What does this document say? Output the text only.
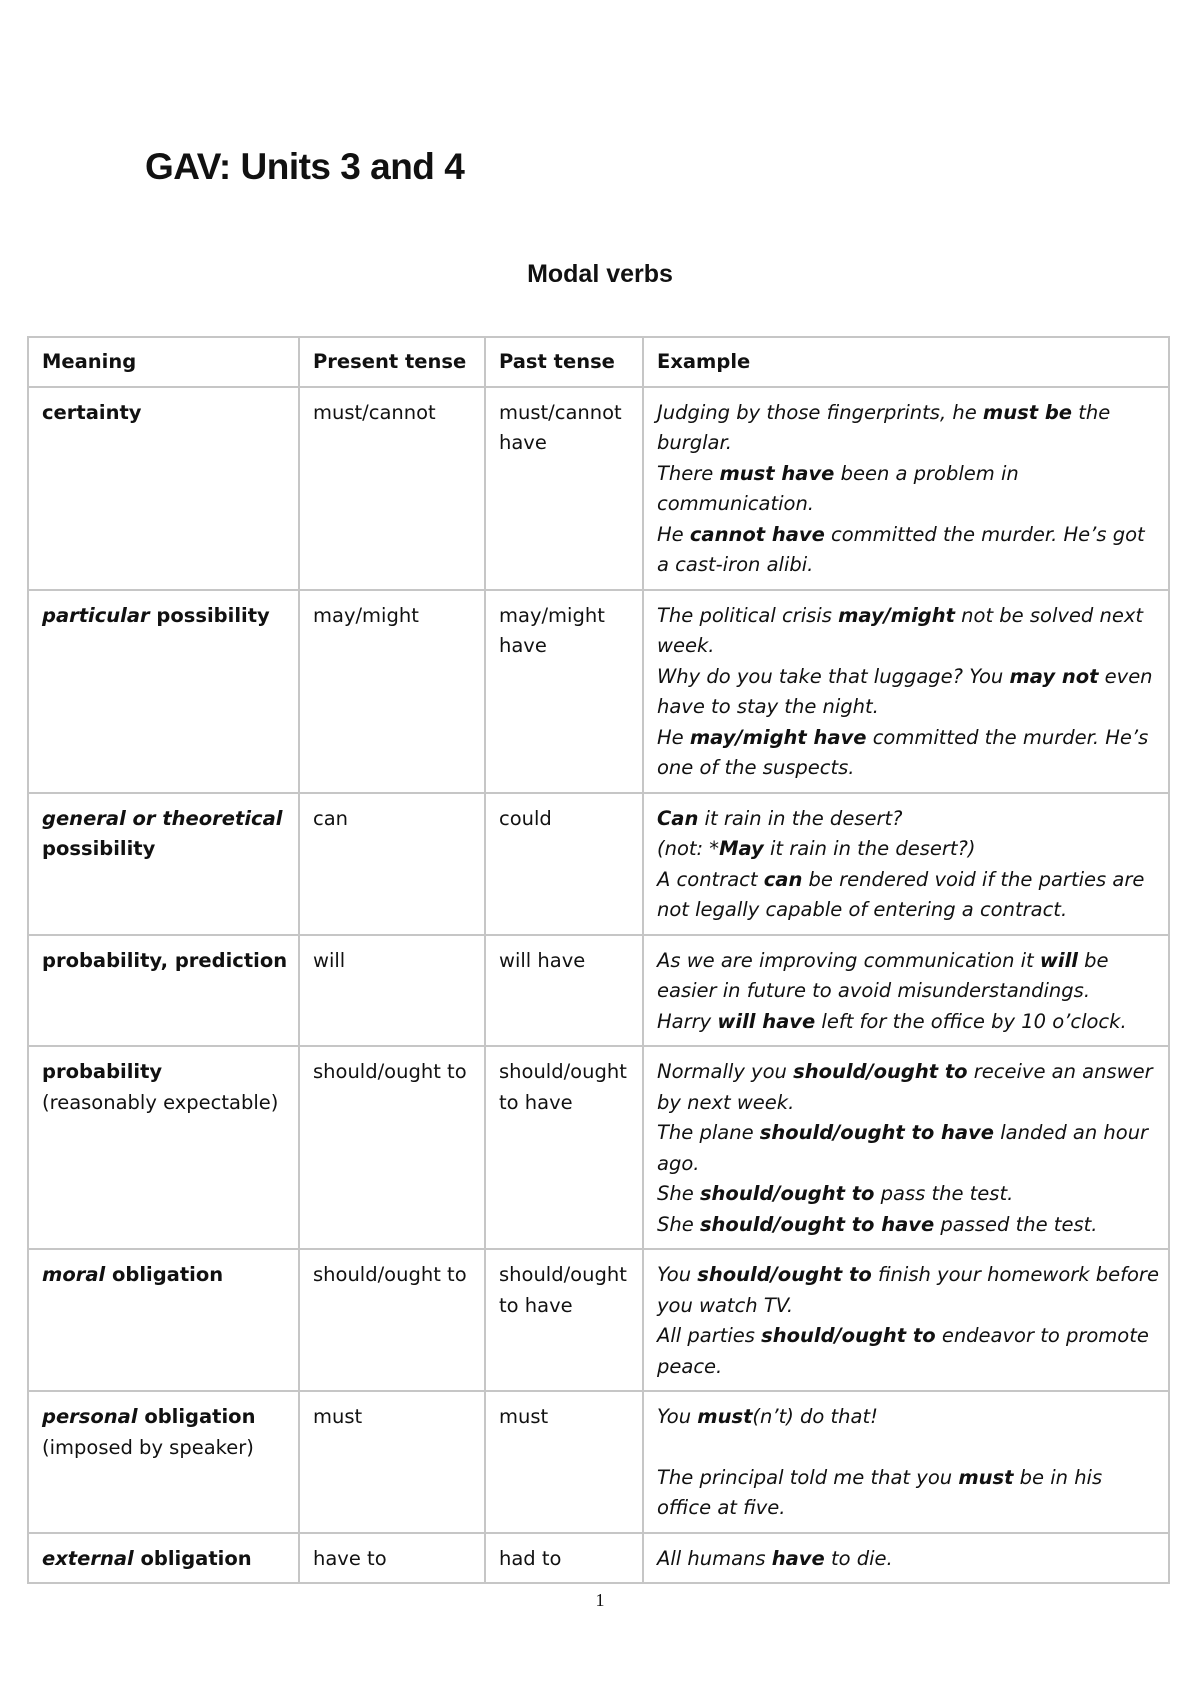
GAV: Units 3 and 4
Modal verbs
Meaning	Present tense	Past tense	Example
certainty	must/cannot	must/cannot have	Judging by those fingerprints, he must be the burglar.
There must have been a problem in communication.
He cannot have committed the murder. He’s got a cast-iron alibi.

particular possibility	may/might	may/might have	The political crisis may/might not be solved next week.
Why do you take that luggage? You may not even have to stay the night.
He may/might have committed the murder. He’s one of the suspects.

general or theoretical possibility	can	could	Can it rain in the desert?
(not: *May it rain in the desert?)
A contract can be rendered void if the parties are not legally capable of entering a contract.

probability, prediction	will	will have	As we are improving communication it will be easier in future to avoid misunderstandings.
Harry will have left for the office by 10 o’clock.

probability
(reasonably expectable)	should/ought to	should/ought to have	Normally you should/ought to receive an answer by next week.
The plane should/ought to have landed an hour ago.
She should/ought to pass the test.
She should/ought to have passed the test.

moral obligation	should/ought to	should/ought to have	You should/ought to finish your homework before you watch TV.
All parties should/ought to endeavor to promote peace.

personal obligation
(imposed by speaker)	must	must	You must(n’t) do that!
The principal told me that you must be in his office at five.

external obligation	have to	had to	All humans have to die.
1
